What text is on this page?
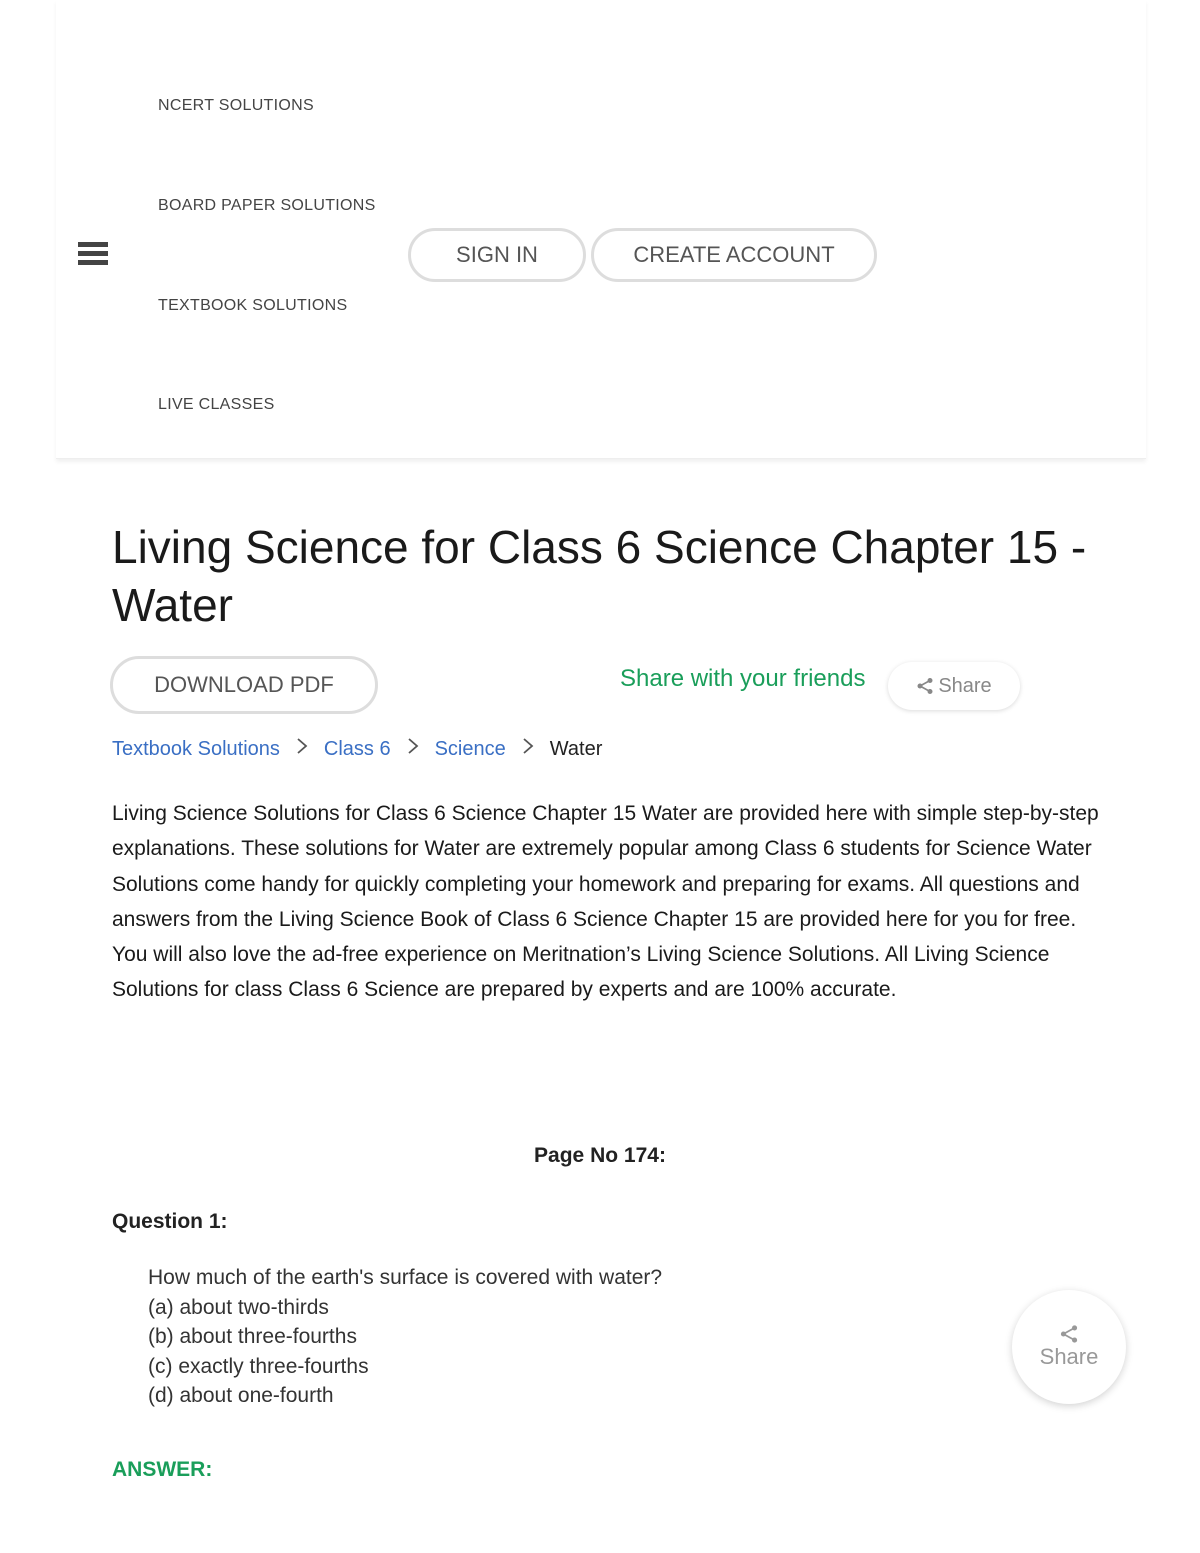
NCERT SOLUTIONS
BOARD PAPER SOLUTIONS
TEXTBOOK SOLUTIONS
LIVE CLASSES
SIGN IN	CREATE ACCOUNT
Living Science for Class 6 Science Chapter 15 - Water
DOWNLOAD PDF	Share with your friends	Share
Textbook Solutions Class 6 Science Water

Living Science Solutions for Class 6 Science Chapter 15 Water are provided here with simple step-by-step explanations. These solutions for Water are extremely popular among Class 6 students for Science Water Solutions come handy for quickly completing your homework and preparing for exams. All questions and answers from the Living Science Book of Class 6 Science Chapter 15 are provided here for you for free. You will also love the ad-free experience on Meritnation’s Living Science Solutions. All Living Science Solutions for class Class 6 Science are prepared by experts and are 100% accurate.

Page No 174:
Question 1:
How much of the earth's surface is covered with water?
(a) about two-thirds
(b) about three-fourths
(c) exactly three-fourths
(d) about one-fourth
ANSWER:
Share
